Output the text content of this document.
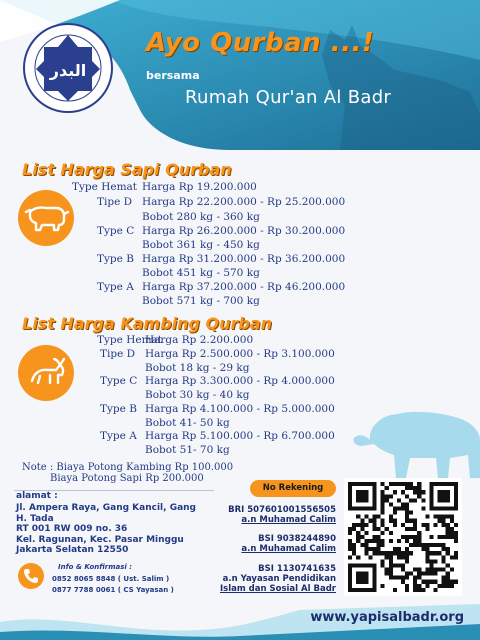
البدر
Ayo Qurban ...!
bersama
Rumah Qur'an Al Badr
List Harga Sapi Qurban
Type Hemat Harga Rp 19.200.000
Tipe D Harga Rp 22.200.000 - Rp 25.200.000
Bobot 280 kg - 360 kg
Type C Harga Rp 26.200.000 - Rp 30.200.000
Bobot 361 kg - 450 kg
Type B Harga Rp 31.200.000 - Rp 36.200.000
Bobot 451 kg - 570 kg
Type A Harga Rp 37.200.000 - Rp 46.200.000
Bobot 571 kg - 700 kg
List Harga Kambing Qurban
Type Hemat
Harga Rp 2.200.000
Tipe D Harga Rp 2.500.000 - Rp 3.100.000
Bobot 18 kg - 29 kg
Type C Harga Rp 3.300.000 - Rp 4.000.000
Bobot 30 kg - 40 kg
Type B Harga Rp 4.100.000 - Rp 5.000.000
Bobot 41- 50 kg
Type A Harga Rp 5.100.000 - Rp 6.700.000
Bobot 51- 70 kg
Note : Biaya Potong Kambing Rp 100.000
Biaya Potong Sapi Rp 200.000
alamat :
Jl. Ampera Raya, Gang Kancil, Gang
H. Tada
RT 001 RW 009 no. 36
Kel. Ragunan, Kec. Pasar Minggu
Jakarta Selatan 12550
Info & Konfirmasi :
0852 8065 8848 ( Ust. Salim )
0877 7788 0061 ( CS Yayasan )
No Rekening
BRI 507601001556505
a.n Muhamad Calim
BSI 9038244890
a.n Muhamad Calim
BSI 1130741635
a.n Yayasan Pendidikan
Islam dan Sosial Al Badr
www.yapisalbadr.org
